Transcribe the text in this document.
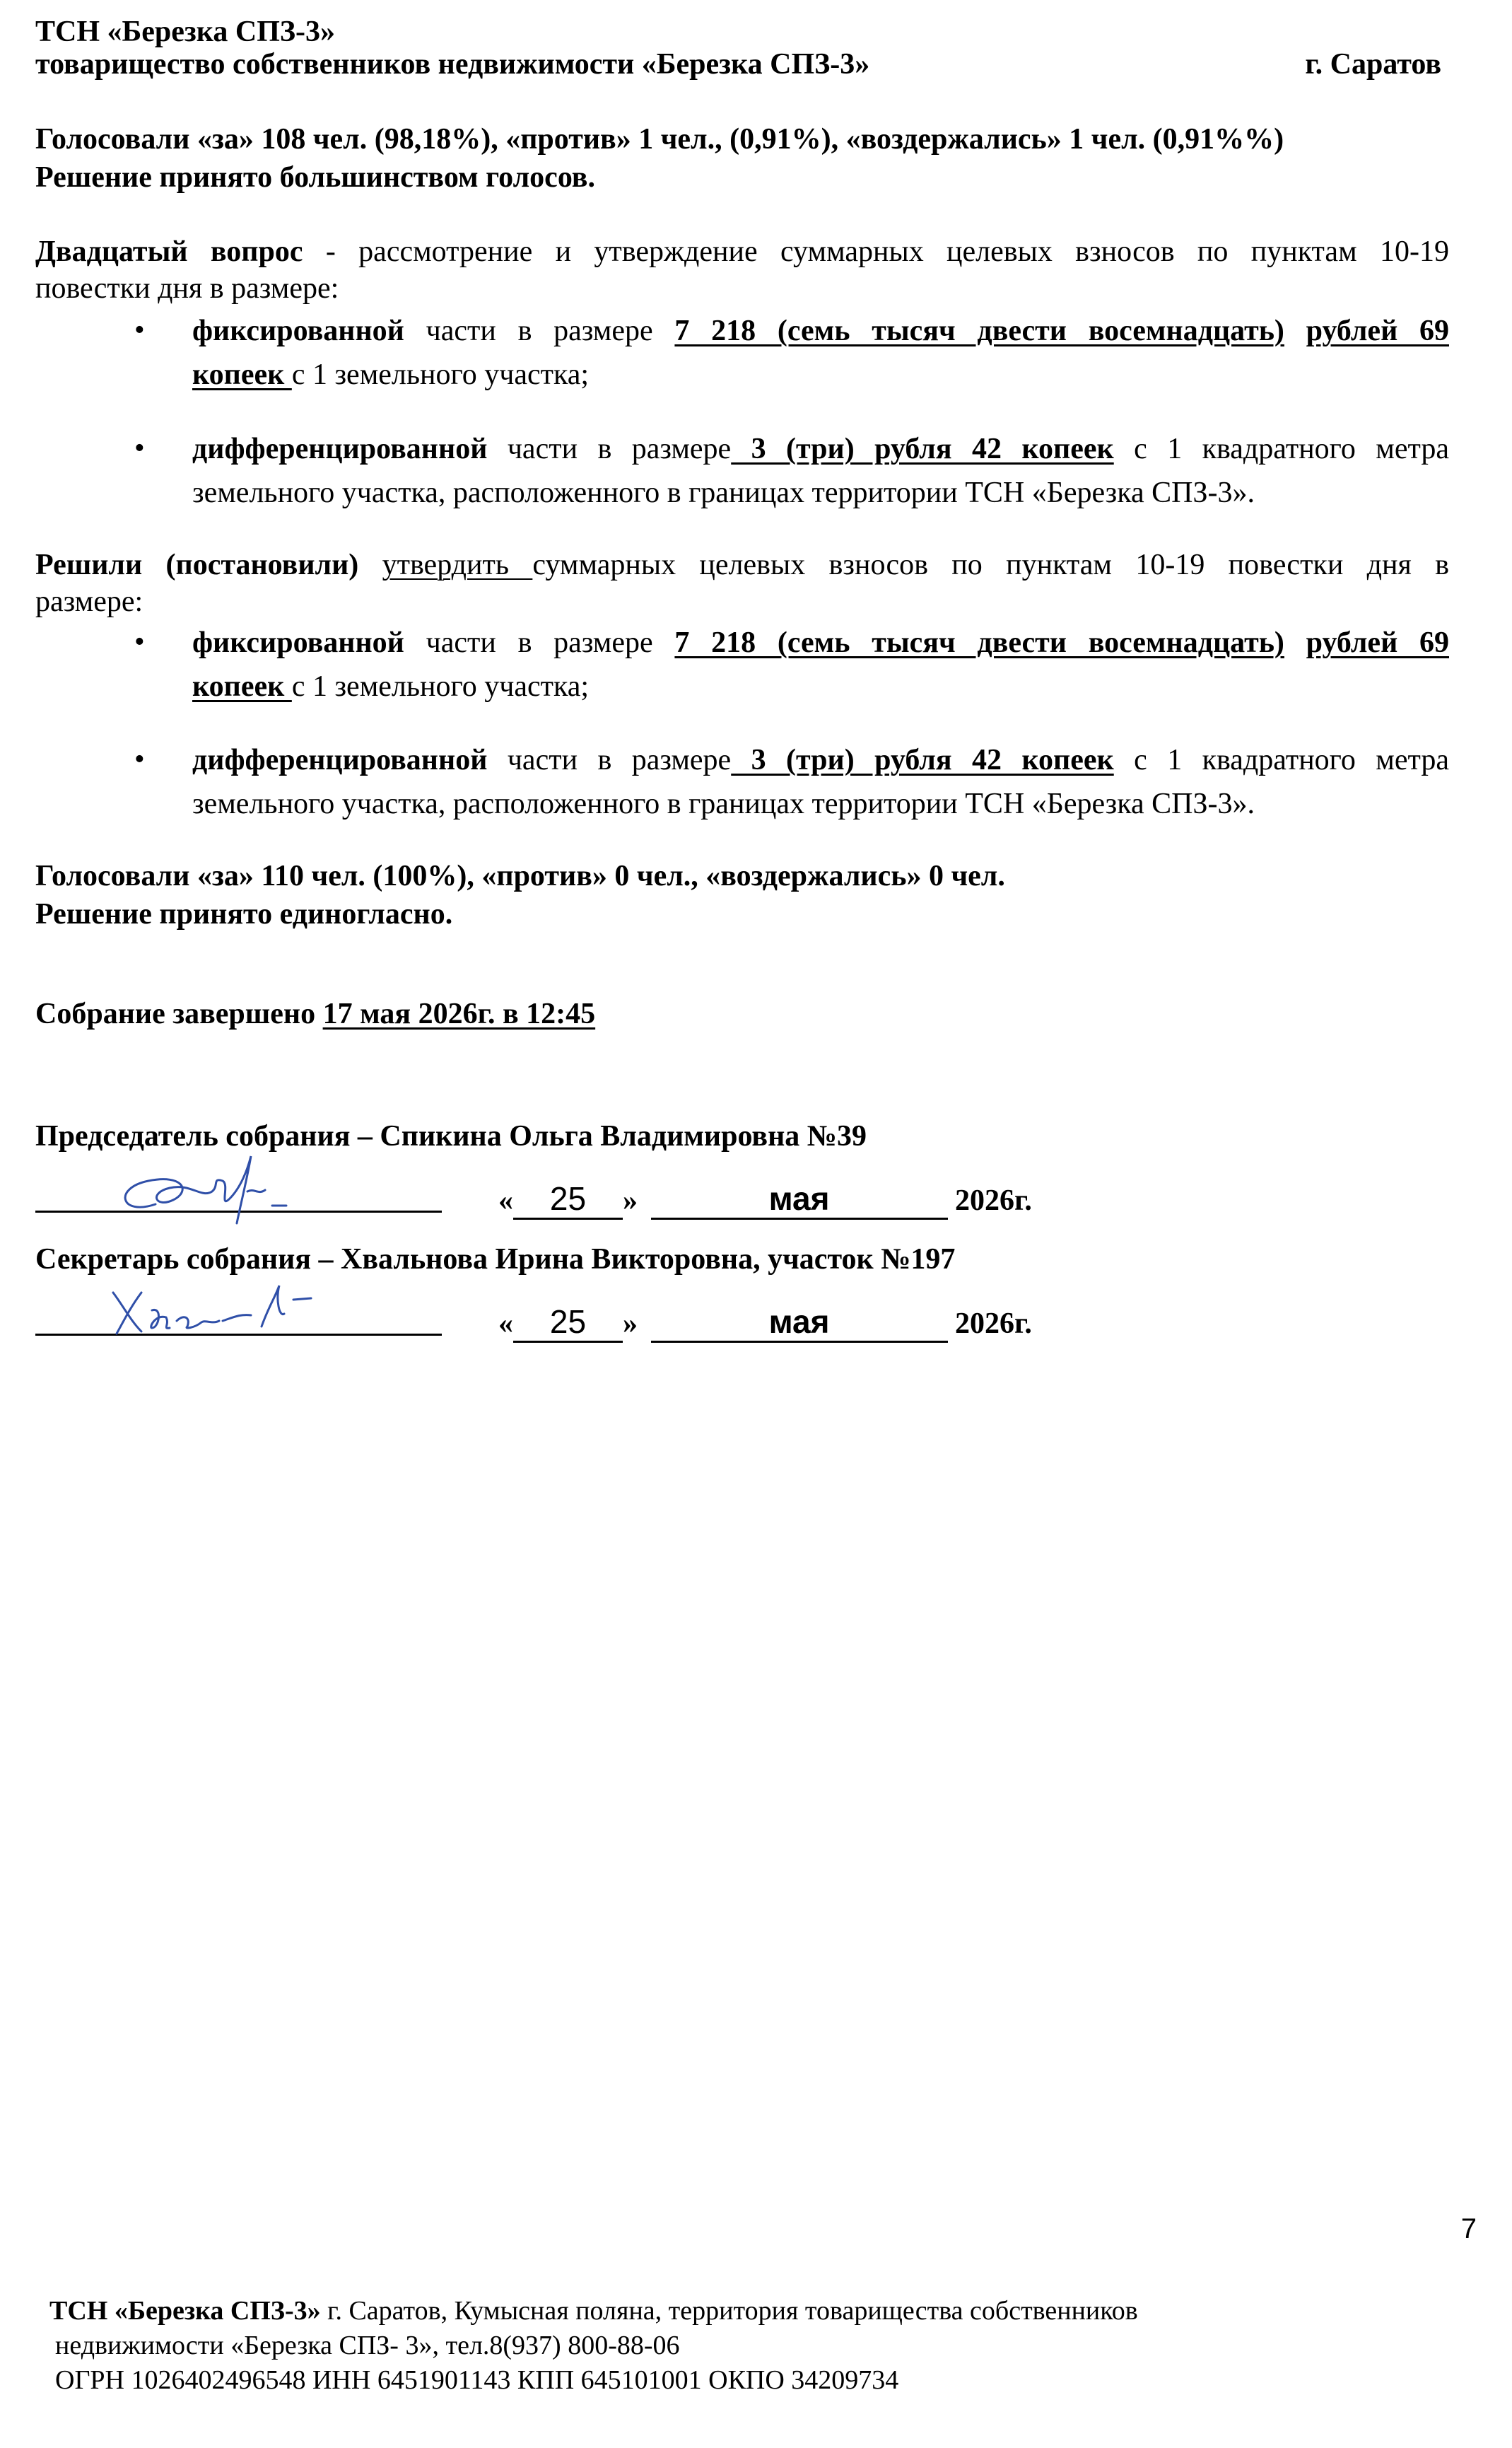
ТСН «Березка СПЗ-3»
товарищество собственников недвижимости «Березка СПЗ-3»	г. Саратов
Голосовали «за» 108 чел. (98,18%), «против» 1 чел., (0,91%), «воздержались» 1 чел. (0,91%%)
Решение принято большинством голосов.
Двадцатый вопрос - рассмотрение и утверждение суммарных целевых взносов по пунктам 10-19
повестки дня в размере:
• фиксированной части в размере 7 218 (семь тысяч двести восемнадцать) рублей 69
копеек с 1 земельного участка;
• дифференцированной части в размере 3 (три) рубля 42 копеек с 1 квадратного метра
земельного участка, расположенного в границах территории ТСН «Березка СПЗ-3».
Решили (постановили) утвердить суммарных целевых взносов по пунктам 10-19 повестки дня в
размере:
• фиксированной части в размере 7 218 (семь тысяч двести восемнадцать) рублей 69
копеек с 1 земельного участка;
• дифференцированной части в размере 3 (три) рубля 42 копеек с 1 квадратного метра
земельного участка, расположенного в границах территории ТСН «Березка СПЗ-3».
Голосовали «за» 110 чел. (100%), «против» 0 чел., «воздержались» 0 чел.
Решение принято единогласно.
Собрание завершено 17 мая 2026г. в 12:45
Председатель собрания – Спикина Ольга Владимировна №39
« 25 »	мая	2026г.
Секретарь собрания – Хвальнова Ирина Викторовна, участок №197
« 25 »	мая	2026г.
7
ТСН «Березка СПЗ-3» г. Саратов, Кумысная поляна, территория товарищества собственников
недвижимости «Березка СПЗ- 3», тел.8(937) 800-88-06
ОГРН 1026402496548 ИНН 6451901143 КПП 645101001 ОКПО 34209734
